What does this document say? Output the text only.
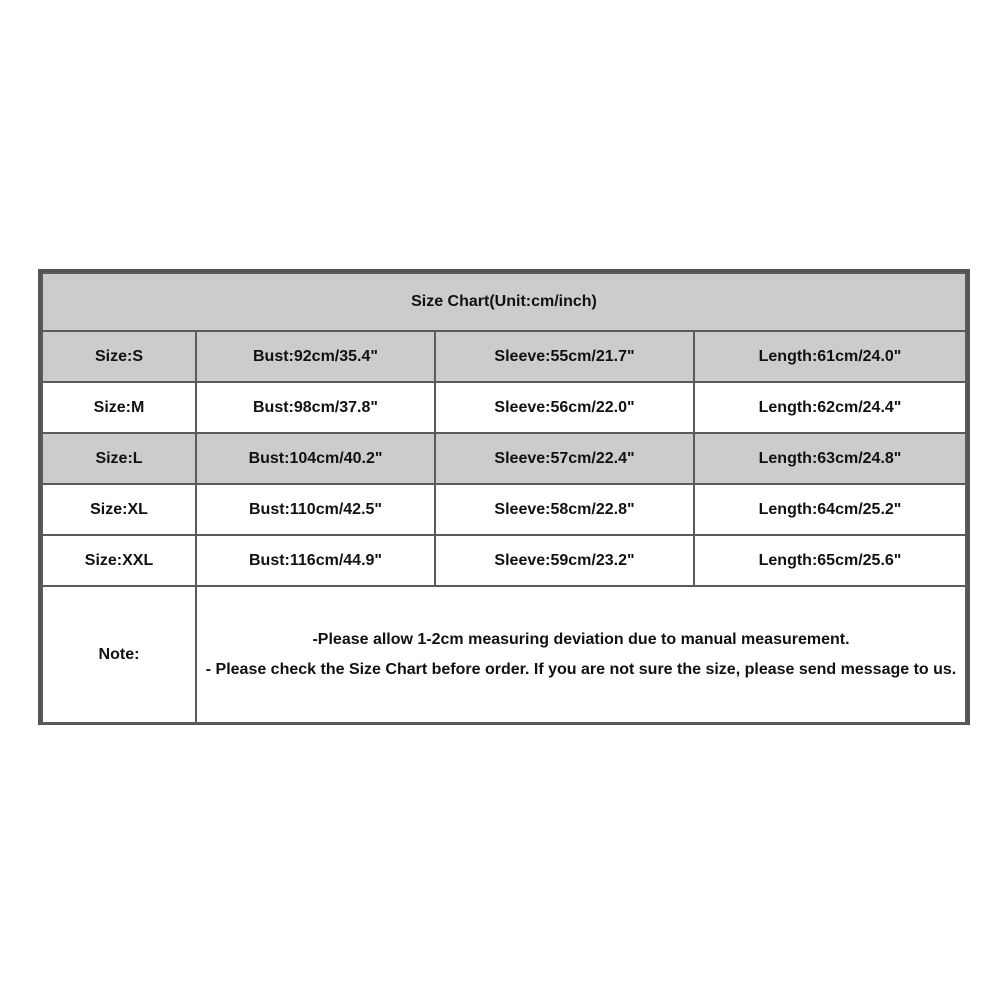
Size Chart(Unit:cm/inch)			
Size:S	Bust:92cm/35.4"	Sleeve:55cm/21.7"	Length:61cm/24.0"
Size:M	Bust:98cm/37.8"	Sleeve:56cm/22.0"	Length:62cm/24.4"
Size:L	Bust:104cm/40.2"	Sleeve:57cm/22.4"	Length:63cm/24.8"
Size:XL	Bust:110cm/42.5"	Sleeve:58cm/22.8"	Length:64cm/25.2"
Size:XXL	Bust:116cm/44.9"	Sleeve:59cm/23.2"	Length:65cm/25.6"
Note:	-Please allow 1-2cm measuring deviation due to manual measurement.
- Please check the Size Chart before order. If you are not sure the size, please send message to us.		
